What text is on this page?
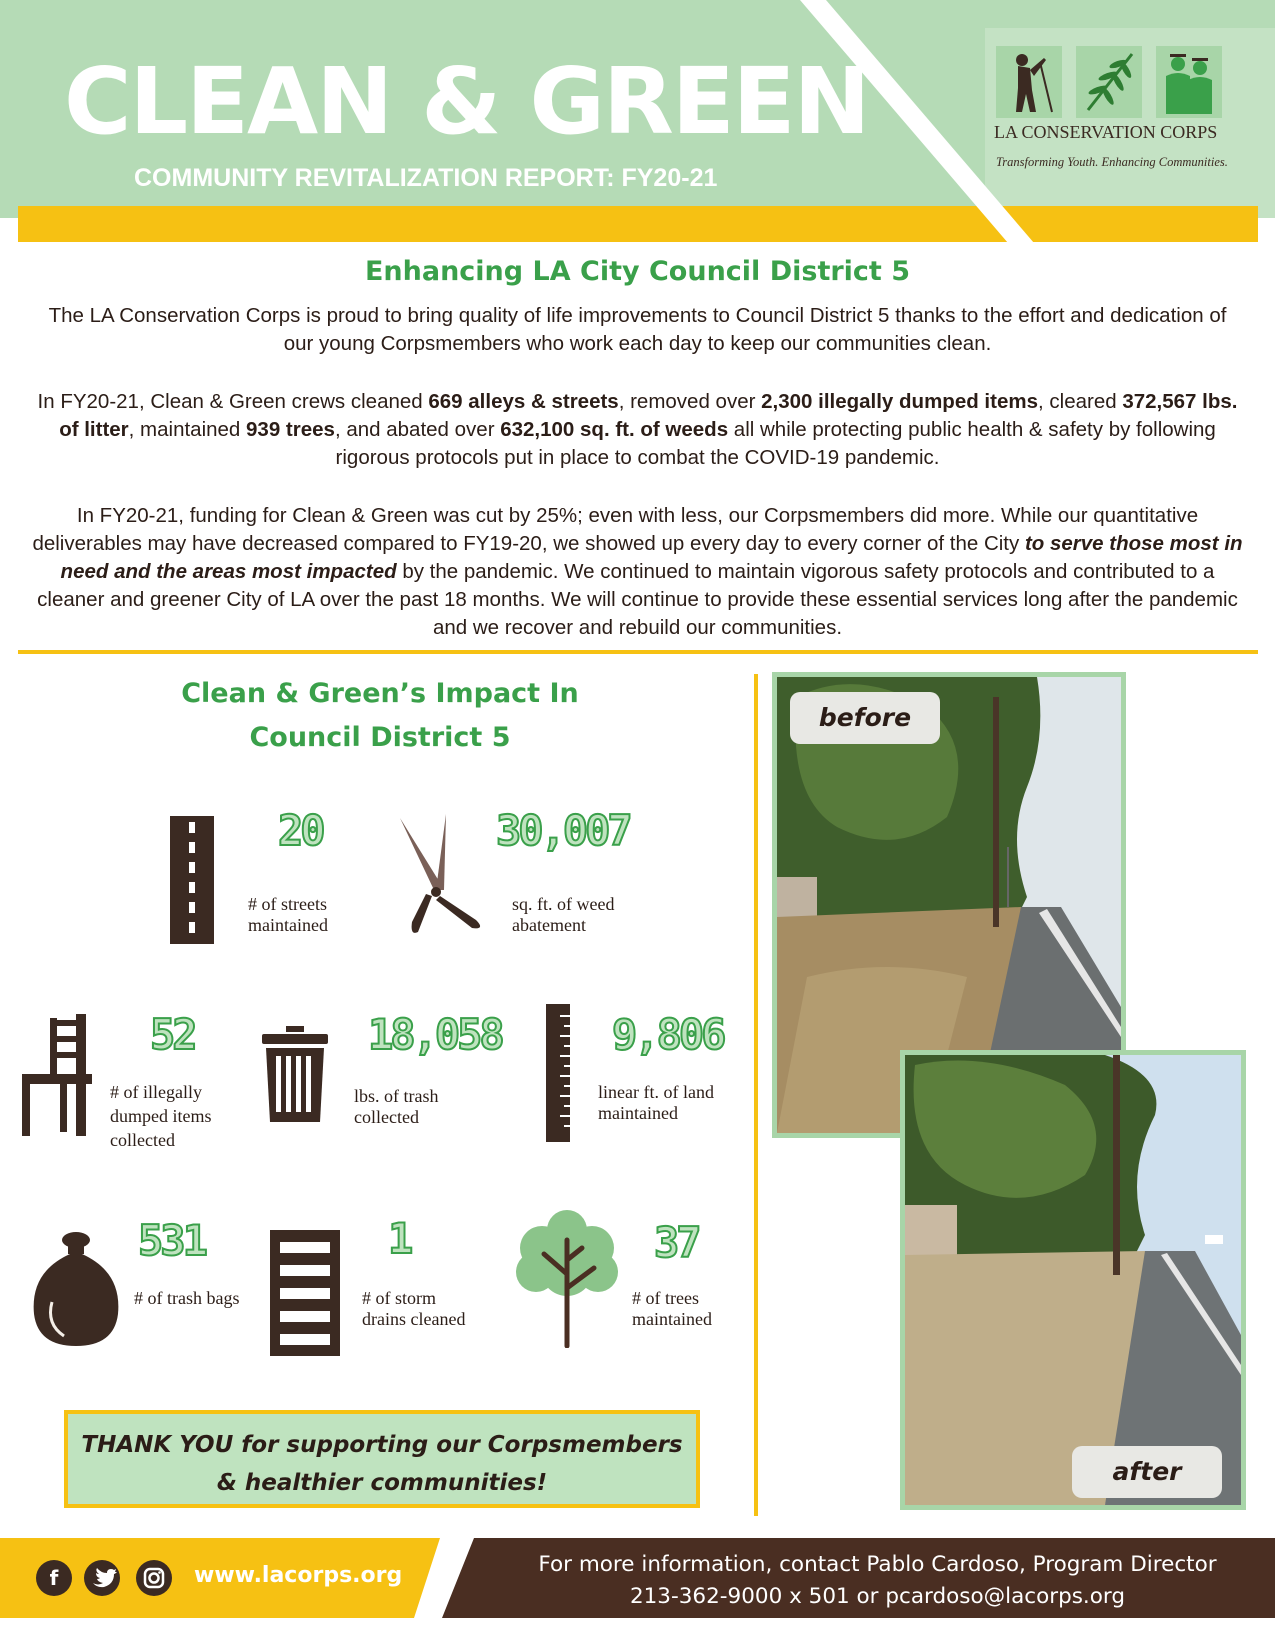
CLEAN & GREEN
COMMUNITY REVITALIZATION REPORT: FY20-21
LA CONSERVATION CORPS
Transforming Youth. Enhancing Communities.
Enhancing LA City Council District 5
The LA Conservation Corps is proud to bring quality of life improvements to Council District 5 thanks to the effort and dedication of our young Corpsmembers who work each day to keep our communities clean.
In FY20-21, Clean & Green crews cleaned 669 alleys & streets, removed over 2,300 illegally dumped items, cleared 372,567 lbs. of litter, maintained 939 trees, and abated over 632,100 sq. ft. of weeds all while protecting public health & safety by following rigorous protocols put in place to combat the COVID-19 pandemic.
In FY20-21, funding for Clean & Green was cut by 25%; even with less, our Corpsmembers did more. While our quantitative deliverables may have decreased compared to FY19-20, we showed up every day to every corner of the City to serve those most in need and the areas most impacted by the pandemic. We continued to maintain vigorous safety protocols and contributed to a cleaner and greener City of LA over the past 18 months. We will continue to provide these essential services long after the pandemic and we recover and rebuild our communities.
Clean & Green’s Impact In
Council District 5
20
# of streets
maintained
30,007
sq. ft. of weed
abatement
52
# of illegally
dumped items
collected
18,058
lbs. of trash
collected
9,806
linear ft. of land
maintained
531
# of trash bags
1
# of storm
drains cleaned
37
# of trees
maintained
THANK YOU for supporting our Corpsmembers
& healthier communities!
before
after
f	www.lacorps.org	For more information, contact Pablo Cardoso, Program Director
213-362-9000 x 501 or pcardoso@lacorps.org
